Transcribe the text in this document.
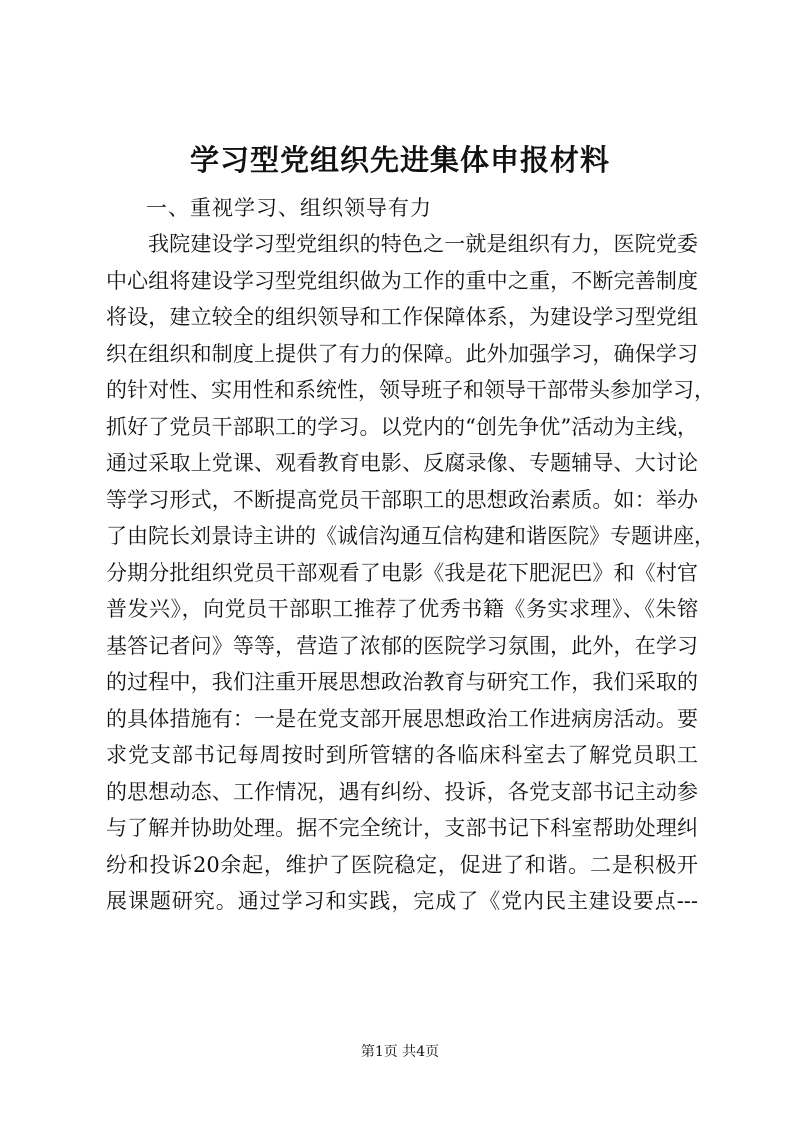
学习型党组织先进集体申报材料

一、重视学习、组织领导有力

我院建设学习型党组织的特色之一就是组织有力，医院党委
中心组将建设学习型党组织做为工作的重中之重，不断完善制度
将设，建立较全的组织领导和工作保障体系，为建设学习型党组
织在组织和制度上提供了有力的保障。此外加强学习，确保学习
的针对性、实用性和系统性，领导班子和领导干部带头参加学习，
抓好了党员干部职工的学习。以党内的“创先争优”活动为主线，
通过采取上党课、观看教育电影、反腐录像、专题辅导、大讨论
等学习形式，不断提高党员干部职工的思想政治素质。如：举办
了由院长刘景诗主讲的《诚信沟通互信构建和谐医院》专题讲座，
分期分批组织党员干部观看了电影《我是花下肥泥巴》和《村官
普发兴》，向党员干部职工推荐了优秀书籍《务实求理》、《朱镕
基答记者问》等等，营造了浓郁的医院学习氛围，此外，在学习
的过程中，我们注重开展思想政治教育与研究工作，我们采取的
的具体措施有：一是在党支部开展思想政治工作进病房活动。要
求党支部书记每周按时到所管辖的各临床科室去了解党员职工
的思想动态、工作情况，遇有纠纷、投诉，各党支部书记主动参
与了解并协助处理。据不完全统计，支部书记下科室帮助处理纠
纷和投诉20余起，维护了医院稳定，促进了和谐。二是积极开
展课题研究。通过学习和实践，完成了《党内民主建设要点---
第1页 共4页
